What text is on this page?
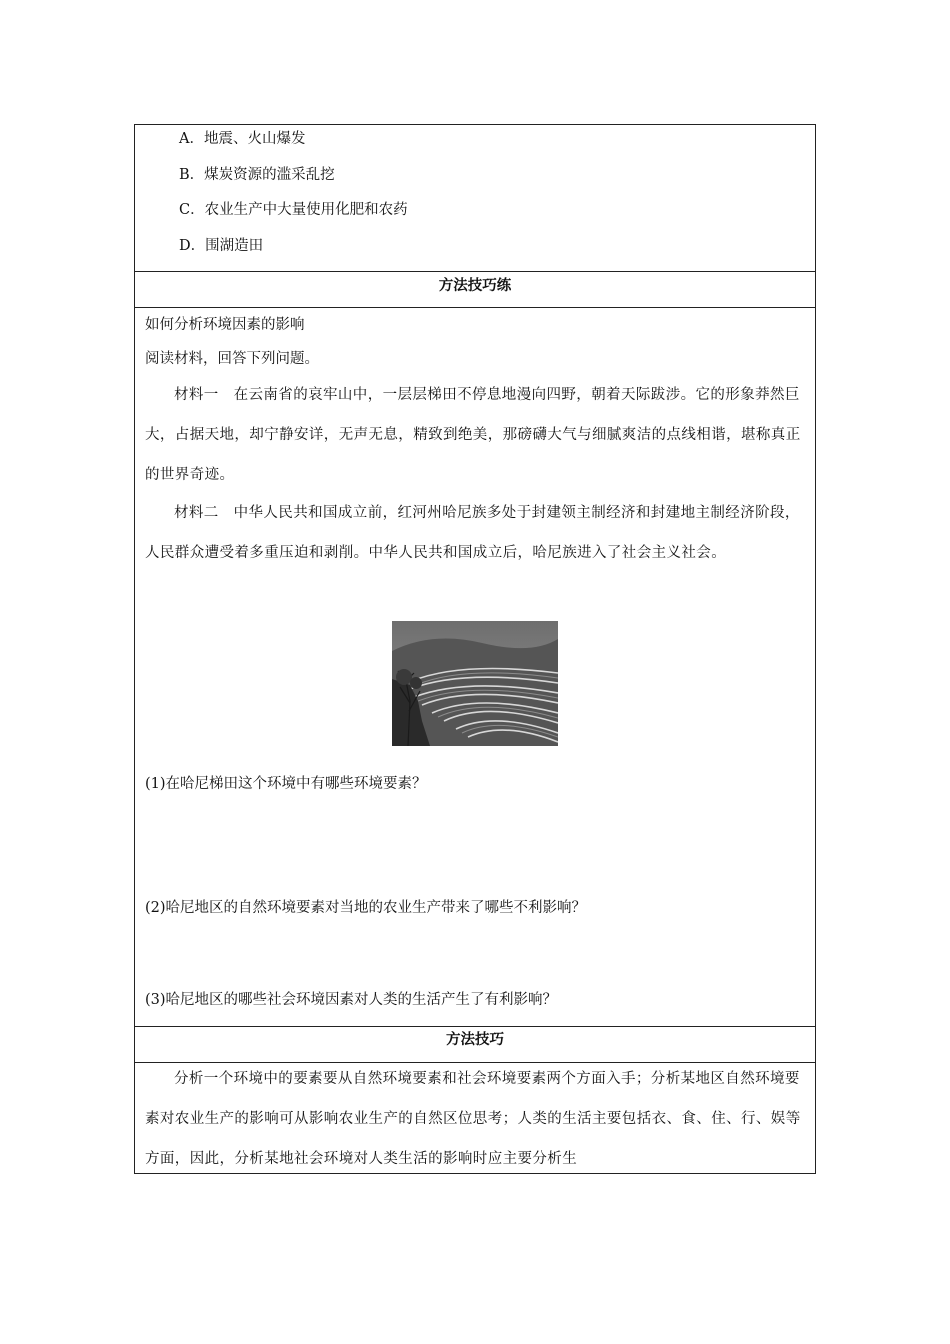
A．地震、火山爆发
B．煤炭资源的滥采乱挖
C．农业生产中大量使用化肥和农药
D．围湖造田
方法技巧练
如何分析环境因素的影响
阅读材料，回答下列问题。
材料一　在云南省的哀牢山中，一层层梯田不停息地漫向四野，朝着天际跋涉。它的形象莽然巨大，占据天地，却宁静安详，无声无息，精致到绝美，那磅礴大气与细腻爽洁的点线相谐，堪称真正的世界奇迹。
材料二　中华人民共和国成立前，红河州哈尼族多处于封建领主制经济和封建地主制经济阶段，人民群众遭受着多重压迫和剥削。中华人民共和国成立后，哈尼族进入了社会主义社会。
(1)在哈尼梯田这个环境中有哪些环境要素？
(2)哈尼地区的自然环境要素对当地的农业生产带来了哪些不利影响？
(3)哈尼地区的哪些社会环境因素对人类的生活产生了有利影响？
方法技巧
分析一个环境中的要素要从自然环境要素和社会环境要素两个方面入手；分析某地区自然环境要素对农业生产的影响可从影响农业生产的自然区位思考；人类的生活主要包括衣、食、住、行、娱等方面，因此，分析某地社会环境对人类生活的影响时应主要分析生
